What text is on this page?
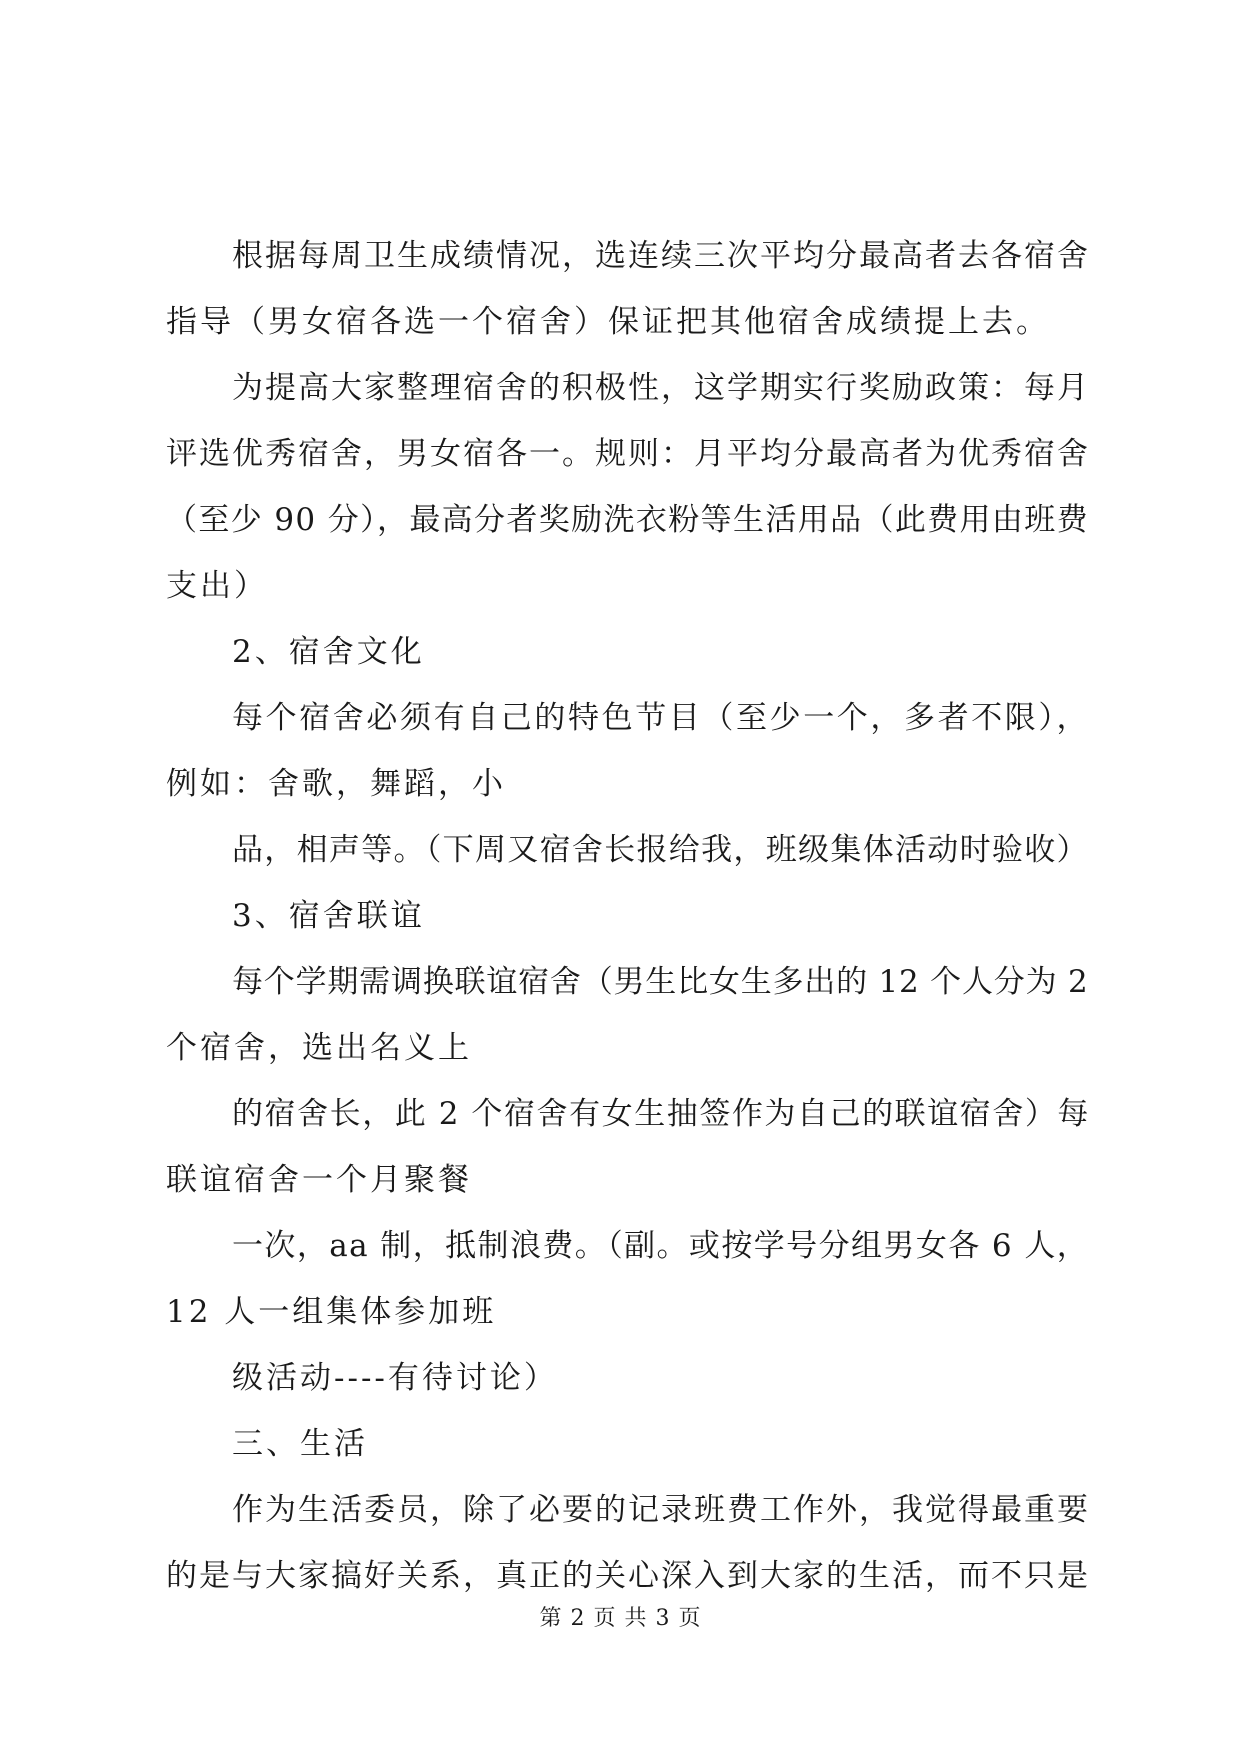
根据每周卫生成绩情况，选连续三次平均分最高者去各宿舍
指导（男女宿各选一个宿舍）保证把其他宿舍成绩提上去。
为提高大家整理宿舍的积极性，这学期实行奖励政策：每月
评选优秀宿舍，男女宿各一。规则：月平均分最高者为优秀宿舍
（至少 90 分），最高分者奖励洗衣粉等生活用品（此费用由班费
支出）
2、宿舍文化
每个宿舍必须有自己的特色节目（至少一个，多者不限），
例如：舍歌，舞蹈，小
品，相声等。（下周又宿舍长报给我，班级集体活动时验收）
3、宿舍联谊
每个学期需调换联谊宿舍（男生比女生多出的 12 个人分为 2
个宿舍，选出名义上
的宿舍长，此 2 个宿舍有女生抽签作为自己的联谊宿舍）每
联谊宿舍一个月聚餐
一次，aa 制，抵制浪费。（副。或按学号分组男女各 6 人，
12 人一组集体参加班
级活动----有待讨论）
三、生活
作为生活委员，除了必要的记录班费工作外，我觉得最重要
的是与大家搞好关系，真正的关心深入到大家的生活，而不只是
第 2 页 共 3 页
